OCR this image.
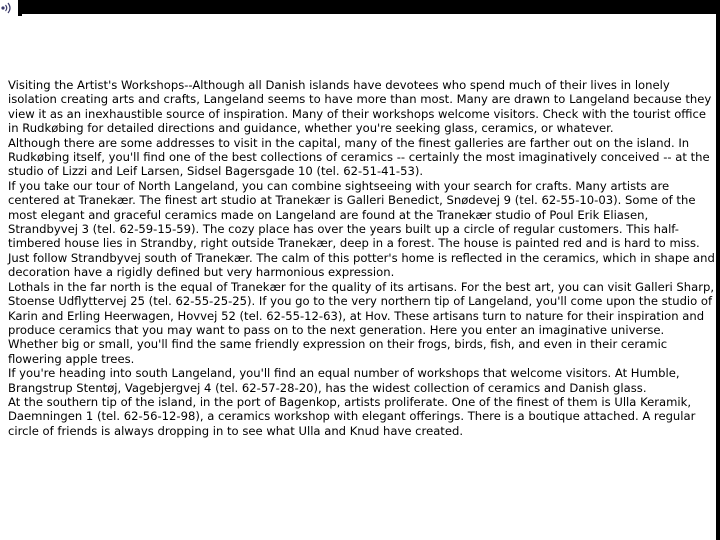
Visiting the Artist's Workshops--Although all Danish islands have devotees who spend much of their lives in lonely isolation creating arts and crafts, Langeland seems to have more than most. Many are drawn to Langeland because they view it as an inexhaustible source of inspiration. Many of their workshops welcome visitors. Check with the tourist office in Rudkøbing for detailed directions and guidance, whether you're seeking glass, ceramics, or whatever.

Although there are some addresses to visit in the capital, many of the finest galleries are farther out on the island. In Rudkøbing itself, you'll find one of the best collections of ceramics -- certainly the most imaginatively conceived -- at the studio of Lizzi and Leif Larsen, Sidsel Bagersgade 10 (tel. 62-51-41-53).

If you take our tour of North Langeland, you can combine sightseeing with your search for crafts. Many artists are centered at Tranekær. The finest art studio at Tranekær is Galleri Benedict, Snødevej 9 (tel. 62-55-10-03). Some of the most elegant and graceful ceramics made on Langeland are found at the Tranekær studio of Poul Erik Eliasen, Strandbyvej 3 (tel. 62-59-15-59). The cozy place has over the years built up a circle of regular customers. This half-timbered house lies in Strandby, right outside Tranekær, deep in a forest. The house is painted red and is hard to miss. Just follow Strandbyvej south of Tranekær. The calm of this potter's home is reflected in the ceramics, which in shape and decoration have a rigidly defined but very harmonious expression.

Lothals in the far north is the equal of Tranekær for the quality of its artisans. For the best art, you can visit Galleri Sharp, Stoense Udflyttervej 25 (tel. 62-55-25-25). If you go to the very northern tip of Langeland, you'll come upon the studio of Karin and Erling Heerwagen, Hovvej 52 (tel. 62-55-12-63), at Hov. These artisans turn to nature for their inspiration and produce ceramics that you may want to pass on to the next generation. Here you enter an imaginative universe. Whether big or small, you'll find the same friendly expression on their frogs, birds, fish, and even in their ceramic flowering apple trees.

If you're heading into south Langeland, you'll find an equal number of workshops that welcome visitors. At Humble, Brangstrup Stentøj, Vagebjergvej 4 (tel. 62-57-28-20), has the widest collection of ceramics and Danish glass.

At the southern tip of the island, in the port of Bagenkop, artists proliferate. One of the finest of them is Ulla Keramik, Daemningen 1 (tel. 62-56-12-98), a ceramics workshop with elegant offerings. There is a boutique attached. A regular circle of friends is always dropping in to see what Ulla and Knud have created.
